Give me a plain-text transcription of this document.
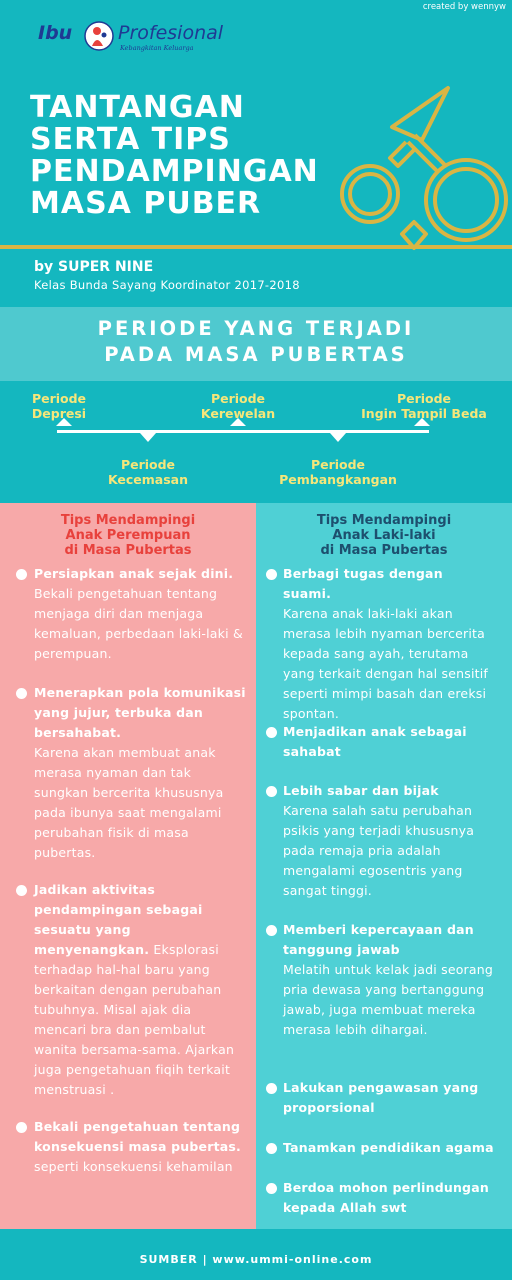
created by wennyw
Ibu Profesional
Kebangkitan Keluarga
TANTANGAN
SERTA TIPS
PENDAMPINGAN
MASA PUBER
by SUPER NINE
Kelas Bunda Sayang Koordinator 2017-2018
PERIODE YANG TERJADI
PADA MASA PUBERTAS
Periode
Depresi
Periode
Kerewelan
Periode
Ingin Tampil Beda
Periode
Kecemasan
Periode
Pembangkangan
Tips Mendampingi
Anak Perempuan
di Masa Pubertas
Tips Mendampingi
Anak Laki-laki
di Masa Pubertas
Persiapkan anak sejak dini.
Bekali pengetahuan tentang menjaga diri dan menjaga kemaluan, perbedaan laki-laki & perempuan.
Menerapkan pola komunikasi yang jujur, terbuka dan bersahabat.
Karena akan membuat anak merasa nyaman dan tak sungkan bercerita khususnya pada ibunya saat mengalami perubahan fisik di masa pubertas.
Jadikan aktivitas pendampingan sebagai sesuatu yang menyenangkan. Eksplorasi terhadap hal-hal baru yang berkaitan dengan perubahan tubuhnya. Misal ajak dia mencari bra dan pembalut wanita bersama-sama. Ajarkan juga pengetahuan fiqih terkait menstruasi .
Bekali pengetahuan tentang konsekuensi masa pubertas.
seperti konsekuensi kehamilan
Berbagi tugas dengan suami.
Karena anak laki-laki akan merasa lebih nyaman bercerita kepada sang ayah, terutama yang terkait dengan hal sensitif seperti mimpi basah dan ereksi spontan.
Menjadikan anak sebagai sahabat
Lebih sabar dan bijak
Karena salah satu perubahan psikis yang terjadi khususnya pada remaja pria adalah mengalami egosentris yang sangat tinggi.
Memberi kepercayaan dan tanggung jawab
Melatih untuk kelak jadi seorang pria dewasa yang bertanggung jawab, juga membuat mereka merasa lebih dihargai.
Lakukan pengawasan yang proporsional
Tanamkan pendidikan agama
Berdoa mohon perlindungan kepada Allah swt
SUMBER | www.ummi-online.com
